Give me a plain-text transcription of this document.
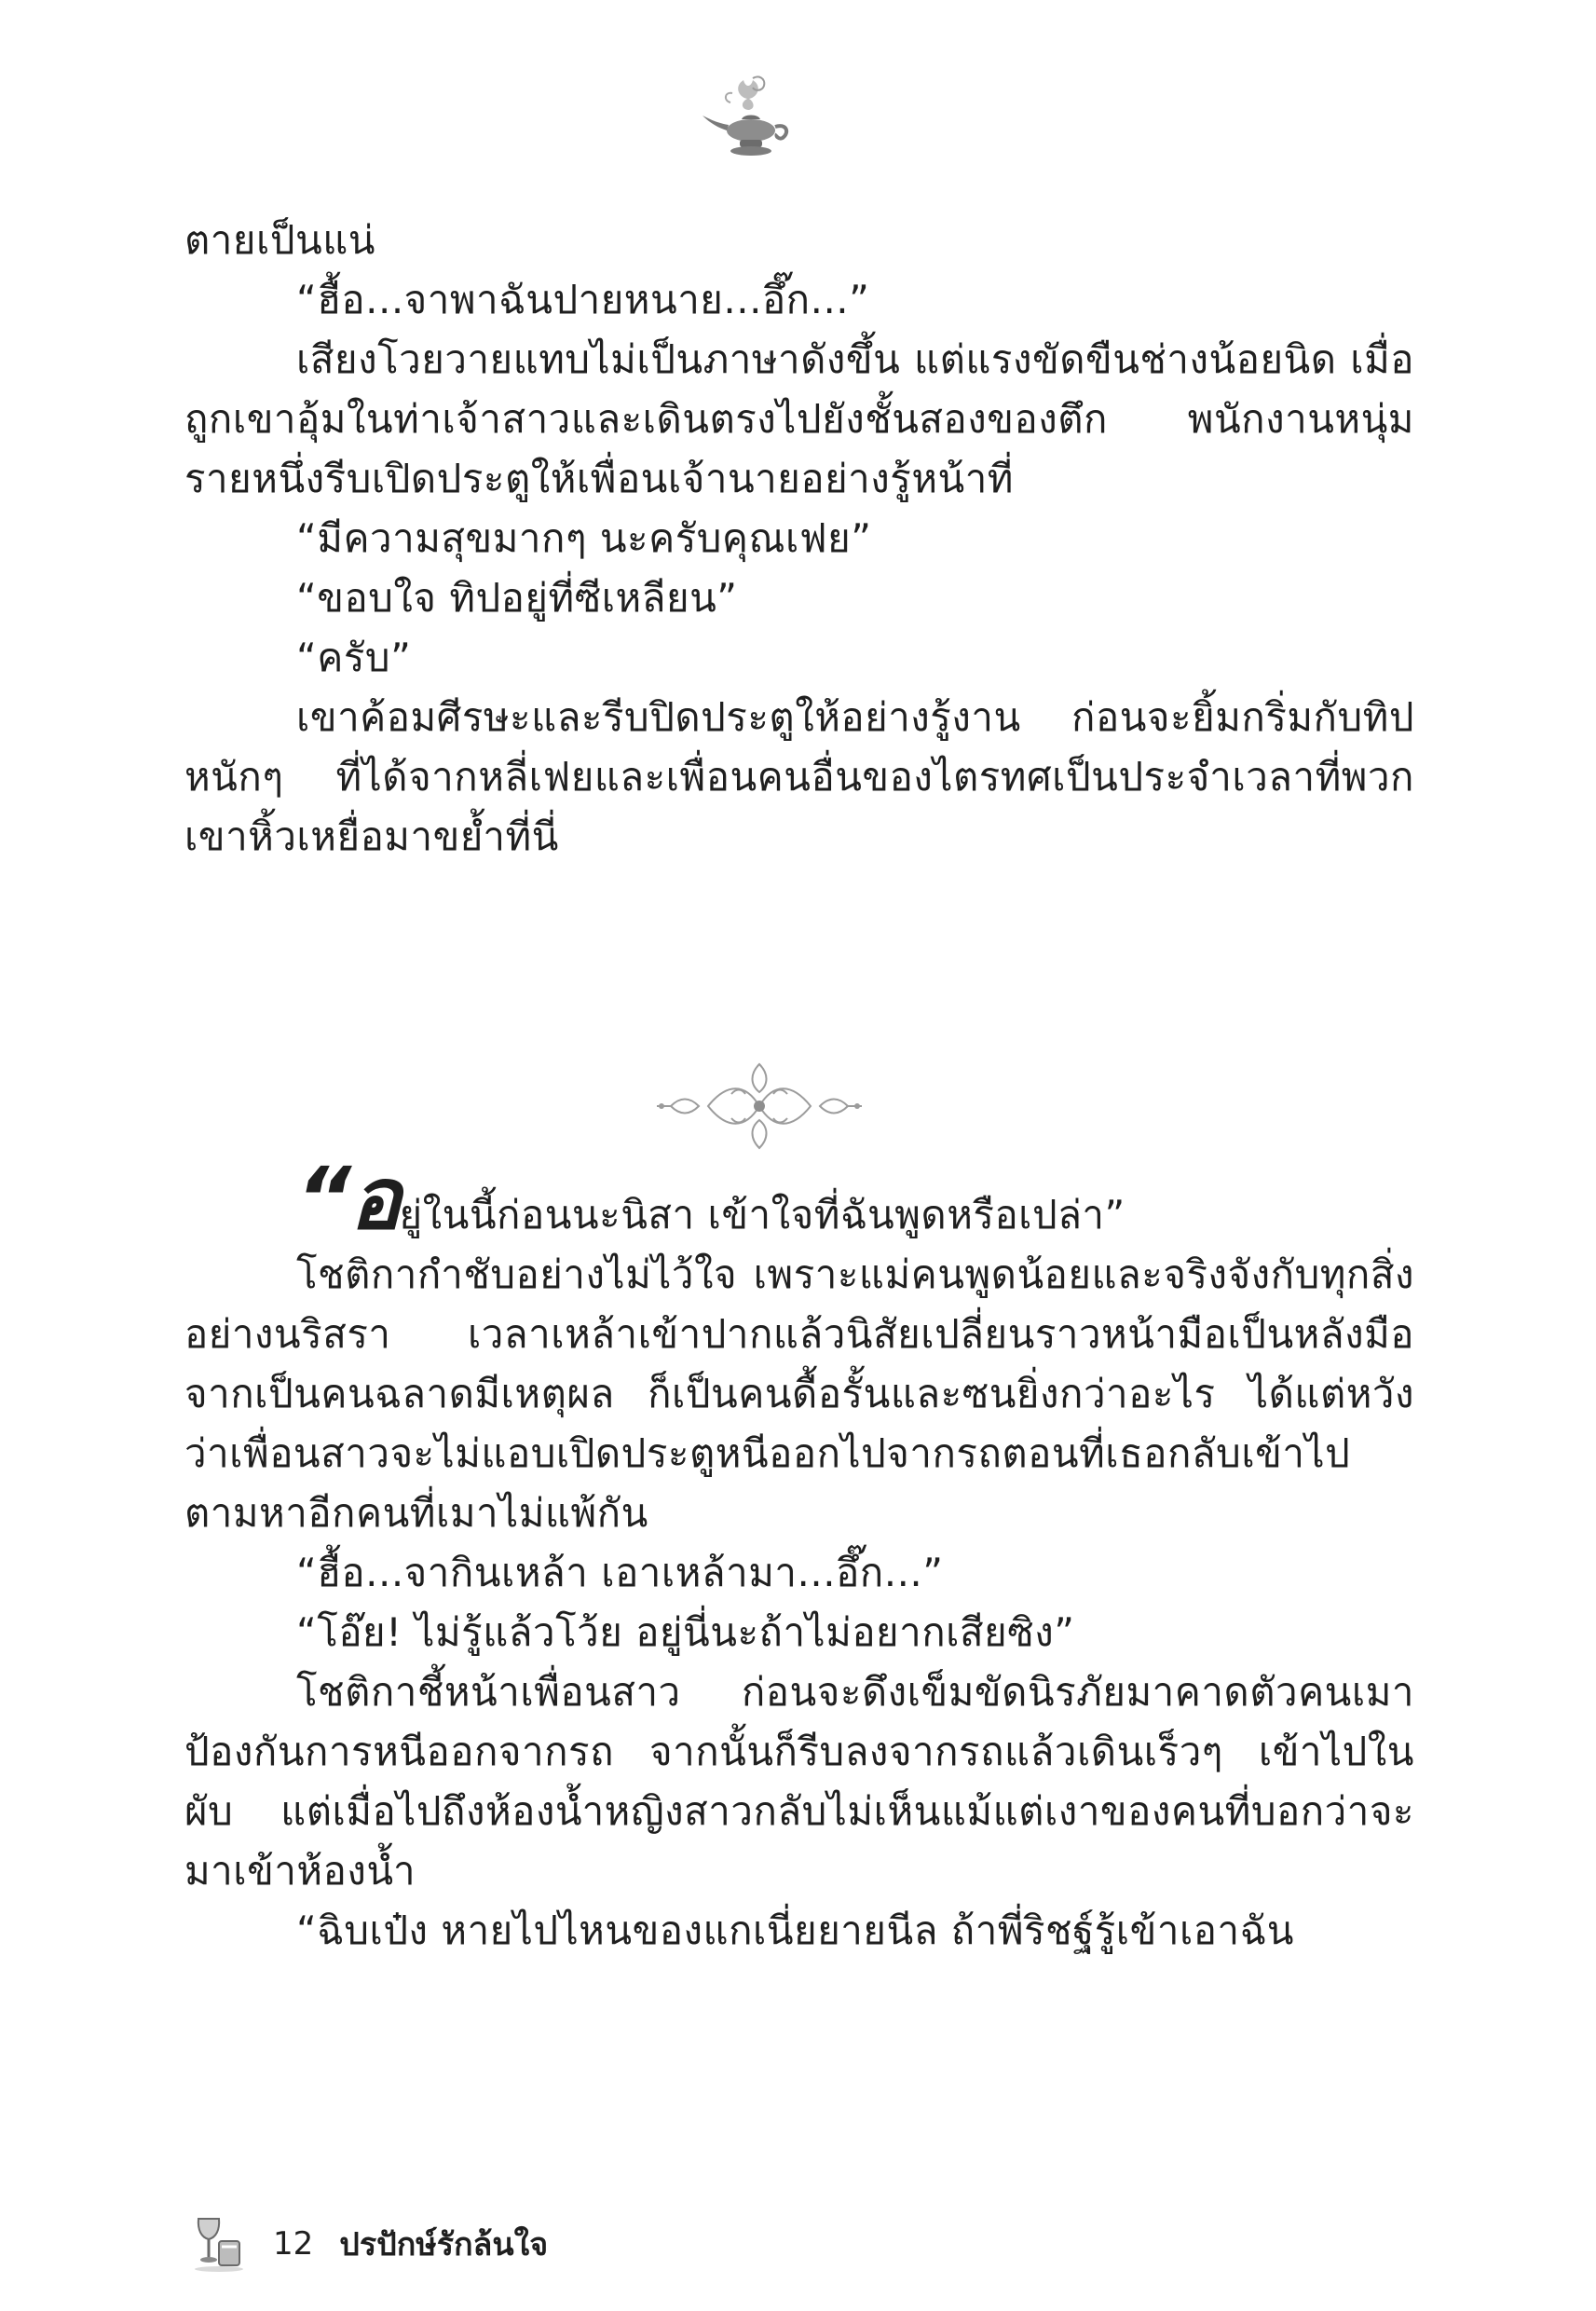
ตายเป็นแน่

“ฮื้อ...จาพาฉันปายหนาย...อึ๊ก...”

เสียงโวยวายแทบไม่เป็นภาษาดังขึ้น แต่แรงขัดขืนช่างน้อยนิด เมื่อถูกเขาอุ้มในท่าเจ้าสาวและเดินตรงไปยังชั้นสองของตึก พนักงานหนุ่มรายหนึ่งรีบเปิดประตูให้เพื่อนเจ้านายอย่างรู้หน้าที่

“มีความสุขมากๆ นะครับคุณเฟย”

“ขอบใจ ทิปอยู่ที่ซีเหลียน”

“ครับ”

เขาค้อมศีรษะและรีบปิดประตูให้อย่างรู้งาน ก่อนจะยิ้มกริ่มกับทิปหนักๆ ที่ได้จากหลี่เฟยและเพื่อนคนอื่นของไตรทศเป็นประจำเวลาที่พวกเขาหิ้วเหยื่อมาขย้ำที่นี่

“อยู่ในนี้ก่อนนะนิสา เข้าใจที่ฉันพูดหรือเปล่า”

โชติกากำชับอย่างไม่ไว้ใจ เพราะแม่คนพูดน้อยและจริงจังกับทุกสิ่งอย่างนริสรา เวลาเหล้าเข้าปากแล้วนิสัยเปลี่ยนราวหน้ามือเป็นหลังมือ จากเป็นคนฉลาดมีเหตุผล ก็เป็นคนดื้อรั้นและซนยิ่งกว่าอะไร ได้แต่หวังว่าเพื่อนสาวจะไม่แอบเปิดประตูหนีออกไปจากรถตอนที่เธอกลับเข้าไปตามหาอีกคนที่เมาไม่แพ้กัน

“ฮื้อ...จากินเหล้า เอาเหล้ามา...อึ๊ก...”

“โอ๊ย! ไม่รู้แล้วโว้ย อยู่นี่นะถ้าไม่อยากเสียซิง”

โชติกาชี้หน้าเพื่อนสาว ก่อนจะดึงเข็มขัดนิรภัยมาคาดตัวคนเมาป้องกันการหนีออกจากรถ จากนั้นก็รีบลงจากรถแล้วเดินเร็วๆ เข้าไปในผับ แต่เมื่อไปถึงห้องน้ำหญิงสาวกลับไม่เห็นแม้แต่เงาของคนที่บอกว่าจะมาเข้าห้องน้ำ

“ฉิบเป๋ง หายไปไหนของแกเนี่ยยายนีล ถ้าพี่ริชฐ์รู้เข้าเอาฉัน

12 ปรปักษ์รักล้นใจ
